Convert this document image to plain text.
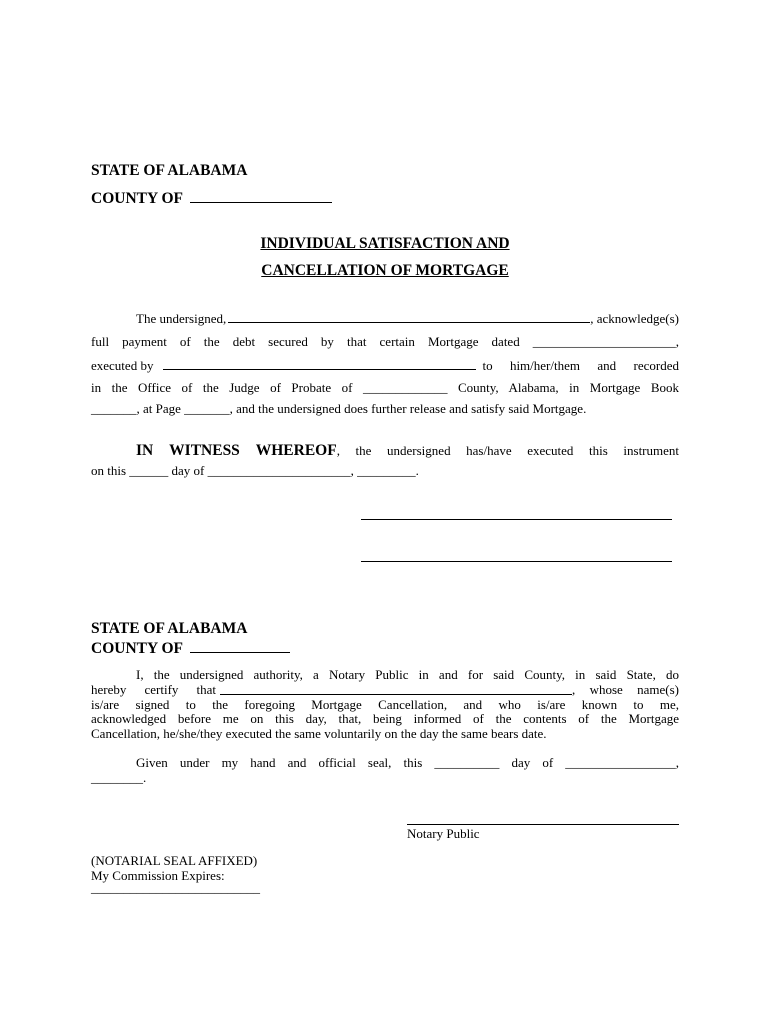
STATE OF ALABAMA
COUNTY OF
INDIVIDUAL SATISFACTION AND
CANCELLATION OF MORTGAGE
The undersigned,	, acknowledge(s)
full payment of the debt secured by that certain Mortgage dated ______________________,
executed by	to him/her/them and recorded
in the Office of the Judge of Probate of _____________ County, Alabama, in Mortgage Book
_______, at Page _______, and the undersigned does further release and satisfy said Mortgage.
IN WITNESS WHEREOF, the undersigned has/have executed this instrument
on this ______ day of ______________________, _________.
STATE OF ALABAMA
COUNTY OF
I, the undersigned authority, a Notary Public in and for said County, in said State, do
hereby certify that	, whose name(s)
is/are signed to the foregoing Mortgage Cancellation, and who is/are known to me,
acknowledged before me on this day, that, being informed of the contents of the Mortgage
Cancellation, he/she/they executed the same voluntarily on the day the same bears date.
Given under my hand and official seal, this __________ day of _________________,
________.
Notary Public
(NOTARIAL SEAL AFFIXED)
My Commission Expires:
__________________________
